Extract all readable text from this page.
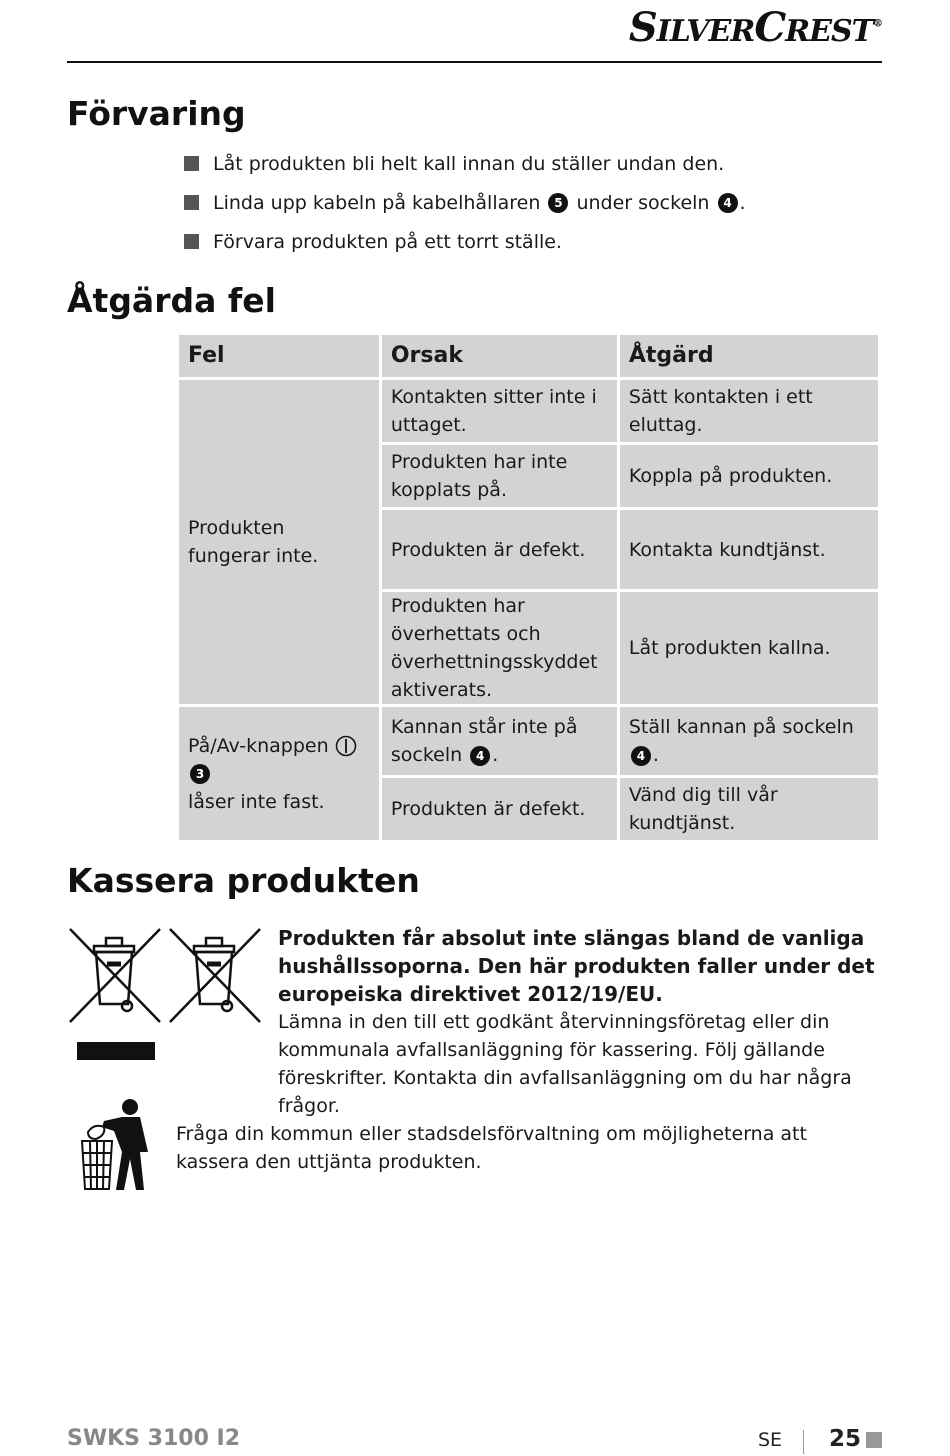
SILVERCREST®
Förvaring
Låt produkten bli helt kall innan du ställer undan den.
Linda upp kabeln på kabelhållaren
	5
under sockeln
	4 .
Förvara produkten på ett torrt ställe.
Åtgärda fel
Fel	Orsak	Åtgärd
Produkten fungerar inte.	Kontakten sitter inte i uttaget.	Sätt kontakten i ett eluttag.
	Produkten har inte kopplats på.	Koppla på produkten.
	Produkten är defekt.	Kontakta kundtjänst.
	Produkten har överhettats och överhettningsskyddet aktiverats.	Låt produkten kallna.
På/Av-knappen  3
låser inte fast.	Kannan står inte på sockeln 4 .	Ställ kannan på sockeln 4 .
	Produkten är defekt.	Vänd dig till vår kundtjänst.
Kassera produkten
Produkten får absolut inte slängas bland de vanliga hushållssoporna. Den här produkten faller under det europeiska direktivet 2012/19/EU.
Lämna in den till ett godkänt återvinningsföretag eller din kommunala avfallsanläggning för kassering. Följ gällande föreskrifter. Kontakta din avfallsanläggning om du har några frågor.
Fråga din kommun eller stadsdelsförvaltning om möjligheterna att kassera den uttjänta produkten.
SWKS 3100 I2	SE 25
